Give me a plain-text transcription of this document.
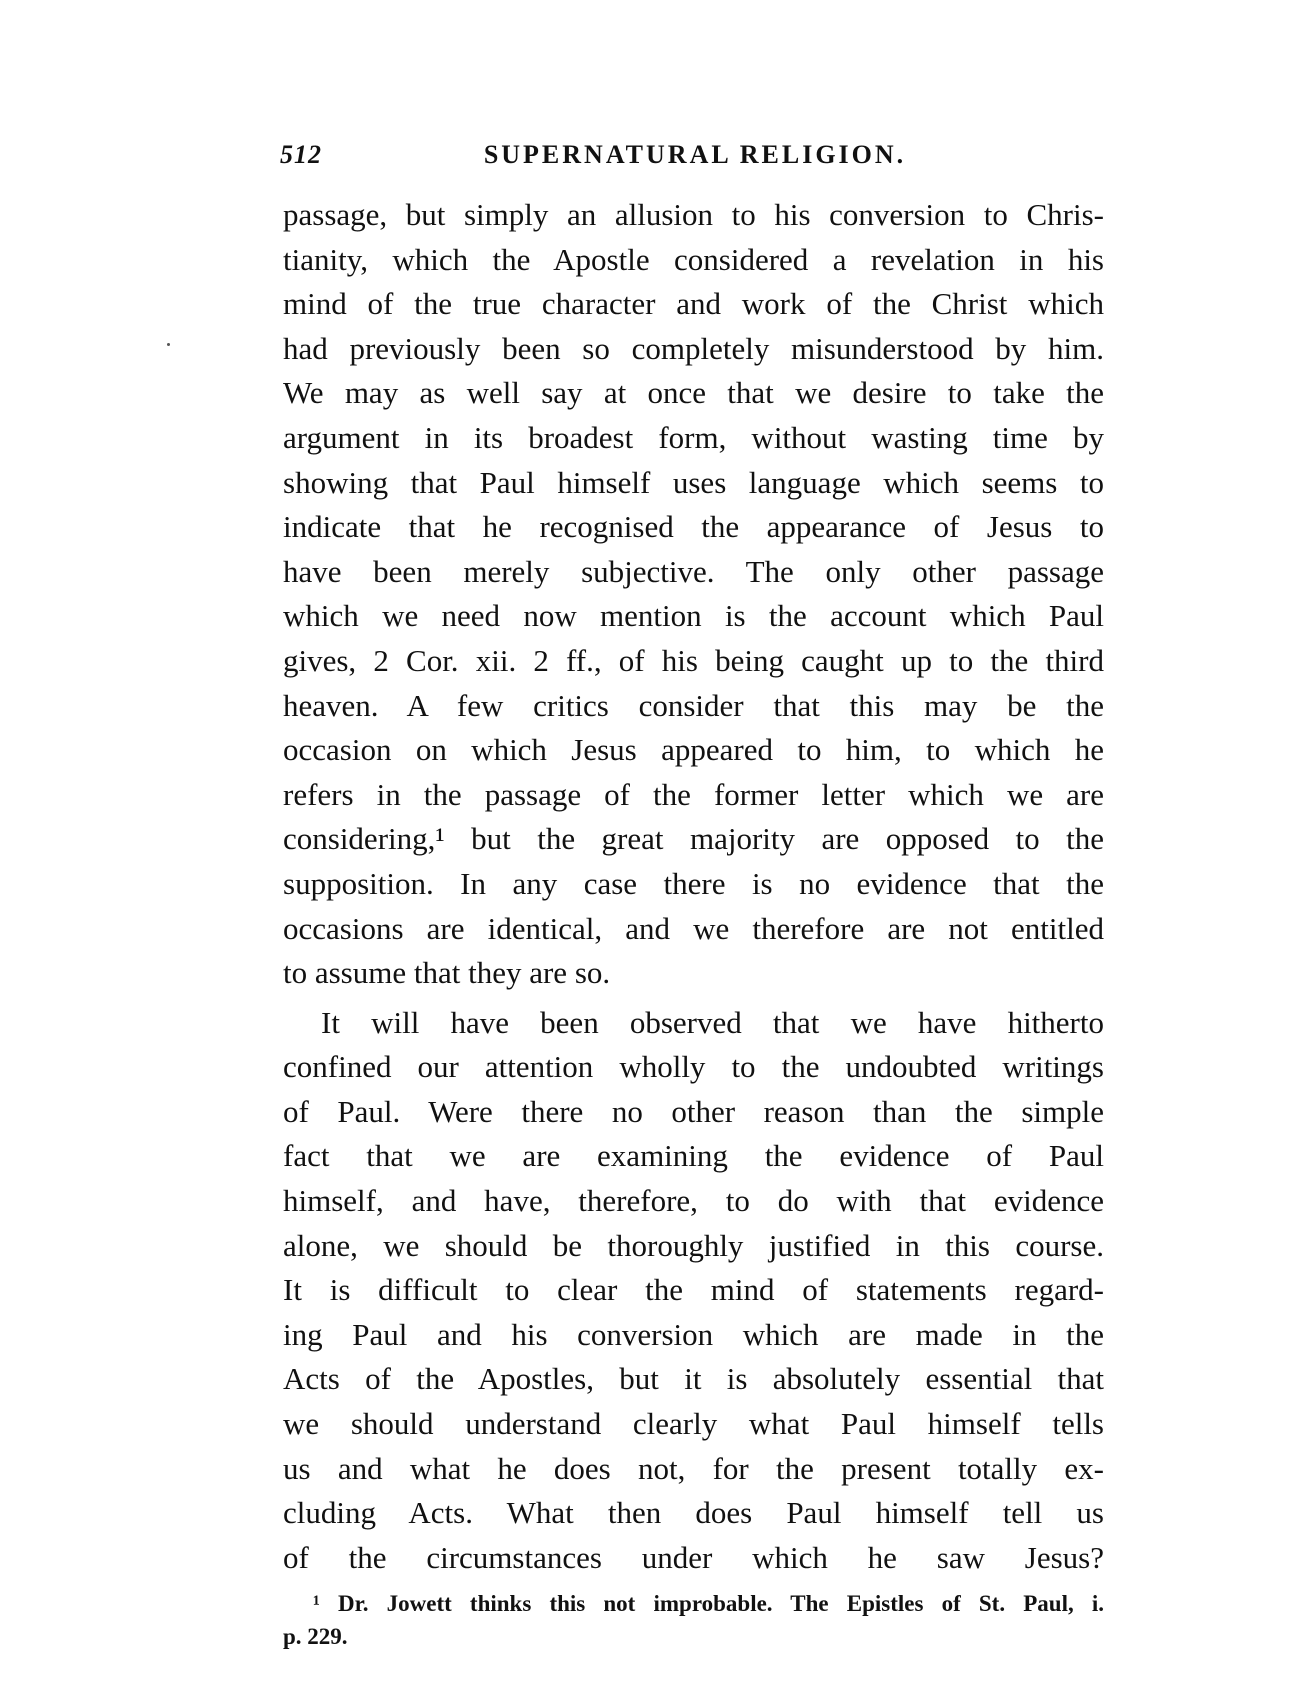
512	SUPERNATURAL RELIGION.
passage, but simply an allusion to his conversion to Chris-
tianity, which the Apostle considered a revelation in his
mind of the true character and work of the Christ which
had previously been so completely misunderstood by him.
We may as well say at once that we desire to take the
argument in its broadest form, without wasting time by
showing that Paul himself uses language which seems to
indicate that he recognised the appearance of Jesus to
have been merely subjective. The only other passage
which we need now mention is the account which Paul
gives, 2 Cor. xii. 2 ff., of his being caught up to the third
heaven. A few critics consider that this may be the
occasion on which Jesus appeared to him, to which he
refers in the passage of the former letter which we are
considering,¹ but the great majority are opposed to the
supposition. In any case there is no evidence that the
occasions are identical, and we therefore are not entitled
to assume that they are so.
It will have been observed that we have hitherto
confined our attention wholly to the undoubted writings
of Paul. Were there no other reason than the simple
fact that we are examining the evidence of Paul
himself, and have, therefore, to do with that evidence
alone, we should be thoroughly justified in this course.
It is difficult to clear the mind of statements regard-
ing Paul and his conversion which are made in the
Acts of the Apostles, but it is absolutely essential that
we should understand clearly what Paul himself tells
us and what he does not, for the present totally ex-
cluding Acts. What then does Paul himself tell us
of the circumstances under which he saw Jesus?
¹ Dr. Jowett thinks this not improbable. The Epistles of St. Paul, i.
p. 229.
